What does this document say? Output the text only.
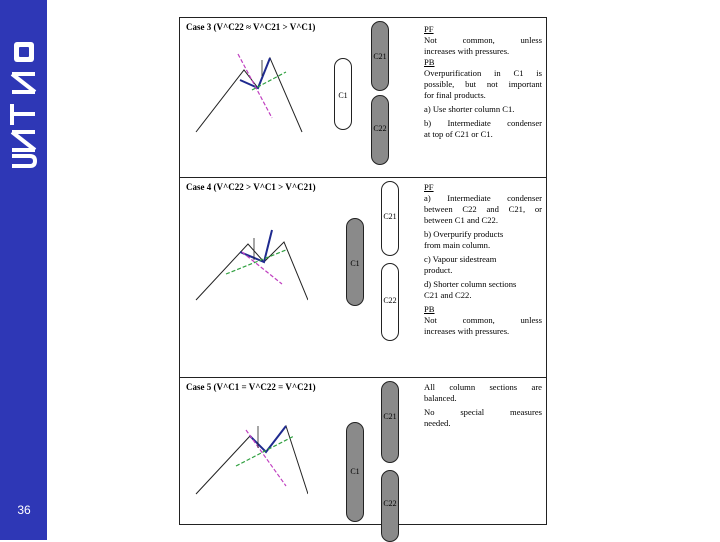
36
Case 3 (V^C22 ≈ V^C21 > V^C1)
C21
C1
C22
PF
Not common, unless
increases with pressures.
PB
Overpurification in C1 is
possible, but not important
for final products.
a) Use shorter column C1.
b) Intermediate condenser
at top of C21 or C1.
Case 4 (V^C22 > V^C1 > V^C21)
C1
C21
C22
PF
a) Intermediate condenser
between C22 and C21, or
between C1 and C22.
b) Overpurify products
from main column.
c) Vapour sidestream
product.
d) Shorter column sections
C21 and C22.
PB
Not common, unless
increases with pressures.
Case 5 (V^C1 = V^C22 = V^C21)
C1
C21
C22
All column sections are
balanced.
No special measures
needed.
